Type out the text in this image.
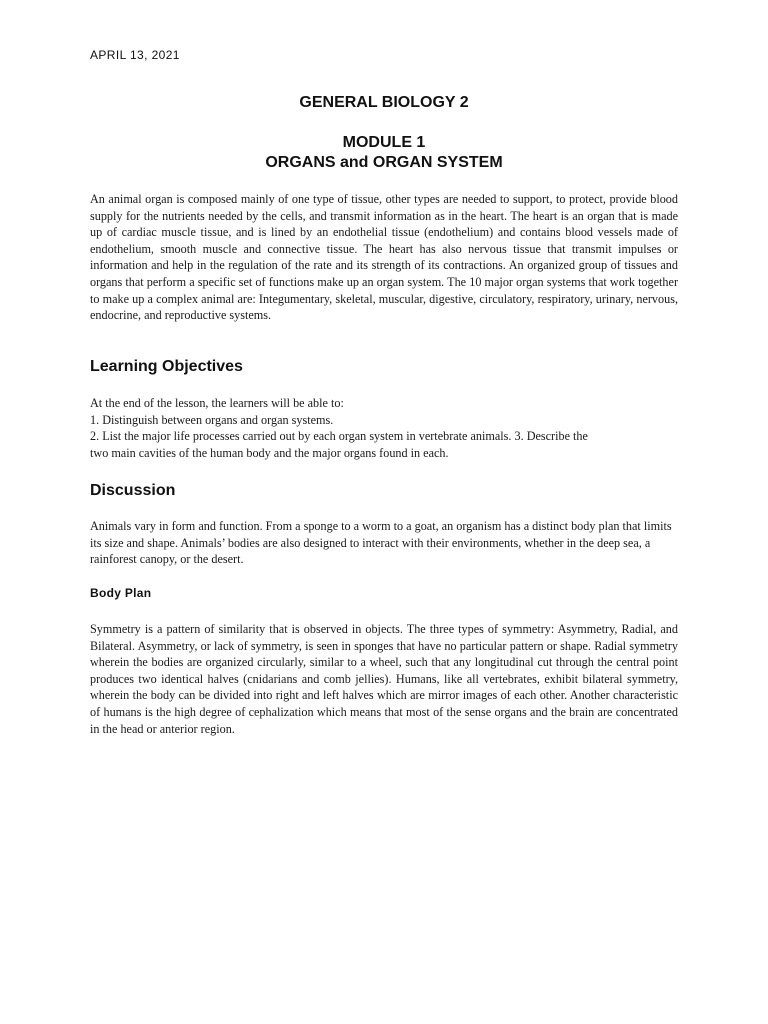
APRIL 13, 2021
GENERAL BIOLOGY 2
MODULE 1
ORGANS and ORGAN SYSTEM

An animal organ is composed mainly of one type of tissue, other types are needed to support, to protect, provide blood supply for the nutrients needed by the cells, and transmit information as in the heart. The heart is an organ that is made up of cardiac muscle tissue, and is lined by an endothelial tissue (endothelium) and contains blood vessels made of endothelium, smooth muscle and connective tissue. The heart has also nervous tissue that transmit impulses or information and help in the regulation of the rate and its strength of its contractions. An organized group of tissues and organs that perform a specific set of functions make up an organ system. The 10 major organ systems that work together to make up a complex animal are: Integumentary, skeletal, muscular, digestive, circulatory, respiratory, urinary, nervous, endocrine, and reproductive systems.

Learning Objectives
At the end of the lesson, the learners will be able to:
1. Distinguish between organs and organ systems.
2. List the major life processes carried out by each organ system in vertebrate animals. 3. Describe the
two main cavities of the human body and the major organs found in each.
Discussion

Animals vary in form and function. From a sponge to a worm to a goat, an organism has a distinct body plan that limits its size and shape. Animals’ bodies are also designed to interact with their environments, whether in the deep sea, a rainforest canopy, or the desert.

Body Plan

Symmetry is a pattern of similarity that is observed in objects. The three types of symmetry: Asymmetry, Radial, and Bilateral. Asymmetry, or lack of symmetry, is seen in sponges that have no particular pattern or shape. Radial symmetry wherein the bodies are organized circularly, similar to a wheel, such that any longitudinal cut through the central point produces two identical halves (cnidarians and comb jellies). Humans, like all vertebrates, exhibit bilateral symmetry, wherein the body can be divided into right and left halves which are mirror images of each other. Another characteristic of humans is the high degree of cephalization which means that most of the sense organs and the brain are concentrated in the head or anterior region.
